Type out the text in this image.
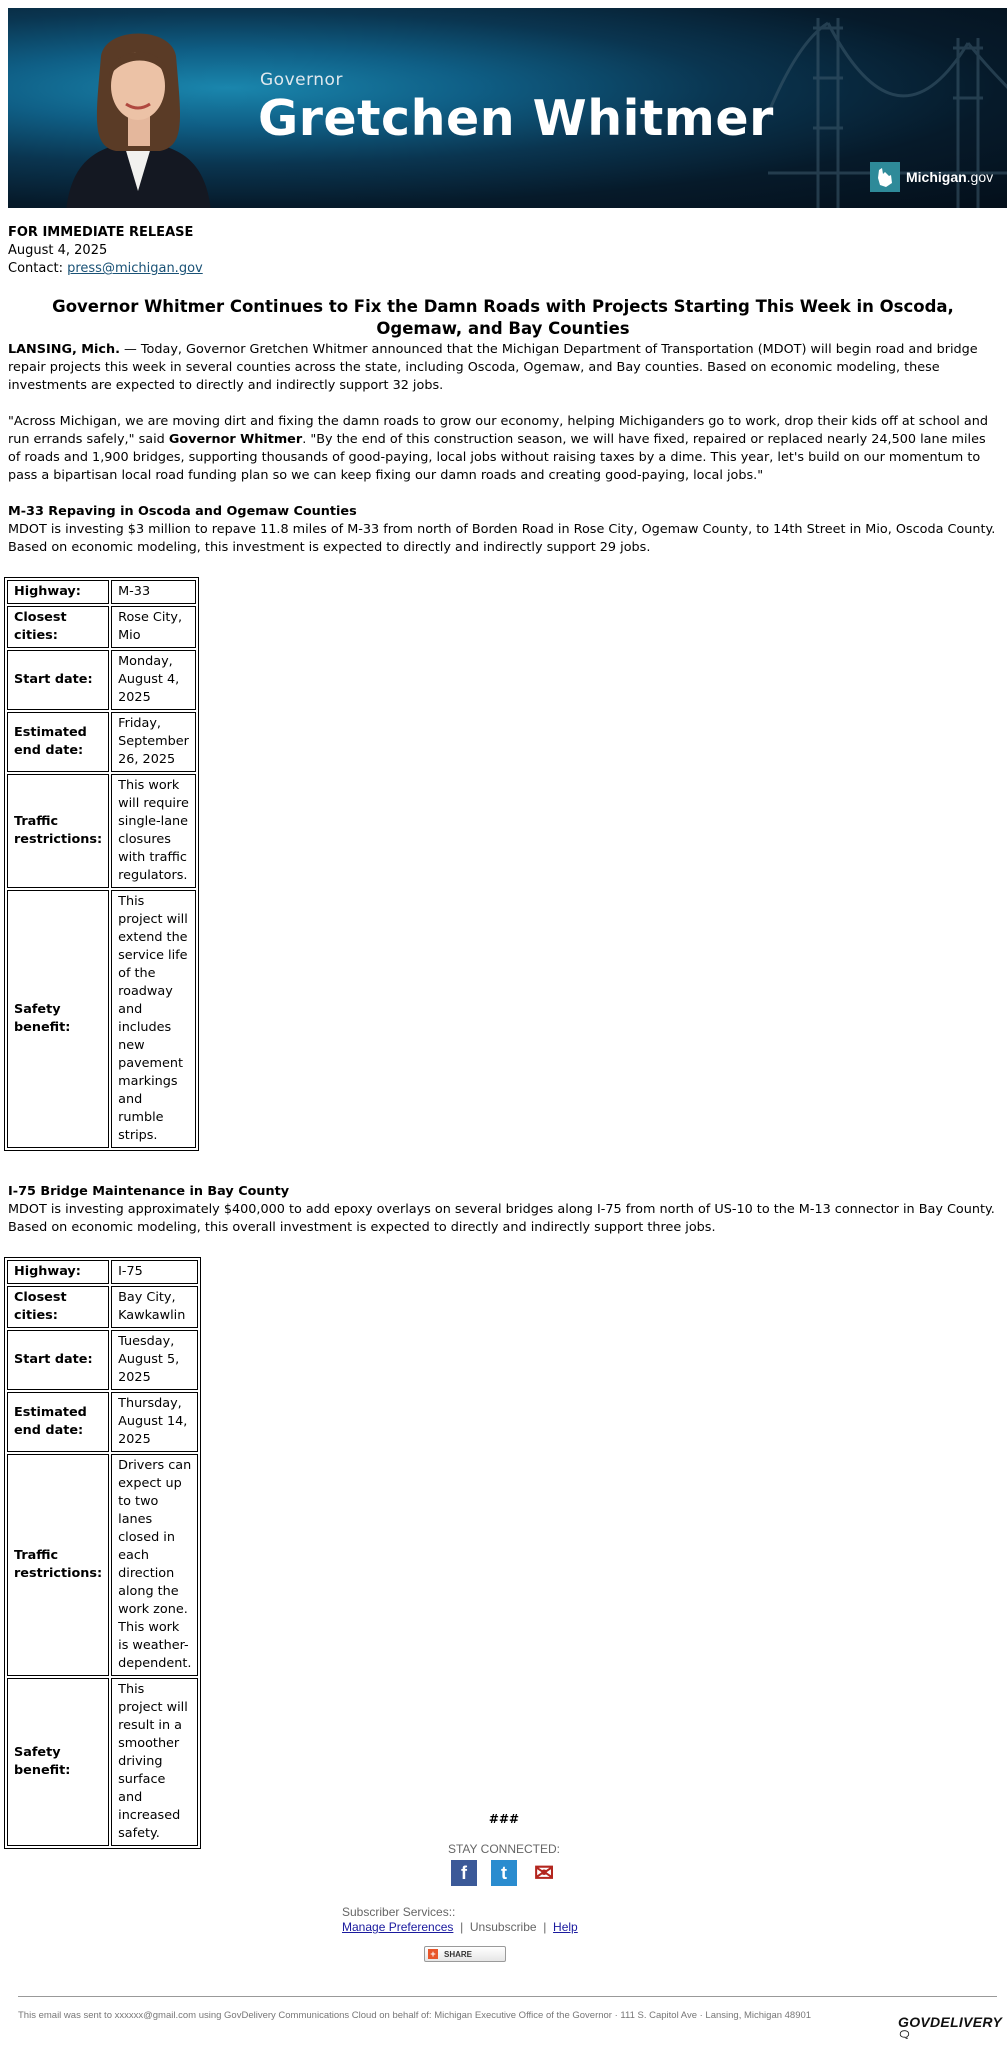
Governor
Gretchen Whitmer
Michigan.gov
FOR IMMEDIATE RELEASE
August 4, 2025
Contact: press@michigan.gov
Governor Whitmer Continues to Fix the Damn Roads with Projects Starting This Week in Oscoda, Ogemaw, and Bay Counties
LANSING, Mich. — Today, Governor Gretchen Whitmer announced that the Michigan Department of Transportation (MDOT) will begin road and bridge repair projects this week in several counties across the state, including Oscoda, Ogemaw, and Bay counties. Based on economic modeling, these investments are expected to directly and indirectly support 32 jobs.
"Across Michigan, we are moving dirt and fixing the damn roads to grow our economy, helping Michiganders go to work, drop their kids off at school and run errands safely," said Governor Whitmer. "By the end of this construction season, we will have fixed, repaired or replaced nearly 24,500 lane miles of roads and 1,900 bridges, supporting thousands of good-paying, local jobs without raising taxes by a dime. This year, let's build on our momentum to pass a bipartisan local road funding plan so we can keep fixing our damn roads and creating good-paying, local jobs."
M-33 Repaving in Oscoda and Ogemaw Counties
MDOT is investing $3 million to repave 11.8 miles of M-33 from north of Borden Road in Rose City, Ogemaw County, to 14th Street in Mio, Oscoda County. Based on economic modeling, this investment is expected to directly and indirectly support 29 jobs.
Highway:	M-33
Closest cities:	Rose City, Mio
Start date:	Monday, August 4, 2025
Estimated end date:	Friday, September 26, 2025
Traffic restrictions:	This work will require single-lane closures with traffic regulators.
Safety benefit:	This project will extend the service life of the roadway and includes new pavement markings and rumble strips.
I-75 Bridge Maintenance in Bay County
MDOT is investing approximately $400,000 to add epoxy overlays on several bridges along I-75 from north of US-10 to the M-13 connector in Bay County. Based on economic modeling, this overall investment is expected to directly and indirectly support three jobs.
Highway:	I-75
Closest cities:	Bay City, Kawkawlin
Start date:	Tuesday, August 5, 2025
Estimated end date:	Thursday, August 14, 2025
Traffic restrictions:	Drivers can expect up to two lanes closed in each direction along the work zone. This work is weather-dependent.
Safety benefit:	This project will result in a smoother driving surface and increased safety.
###
STAY CONNECTED:
f t ✉
Subscriber Services::
Manage Preferences | Unsubscribe | Help
+ SHARE
This email was sent to xxxxxx@gmail.com using GovDelivery Communications Cloud on behalf of: Michigan Executive Office of the Governor · 111 S. Capitol Ave · Lansing, Michigan 48901	GOVDELIVERY🗨
